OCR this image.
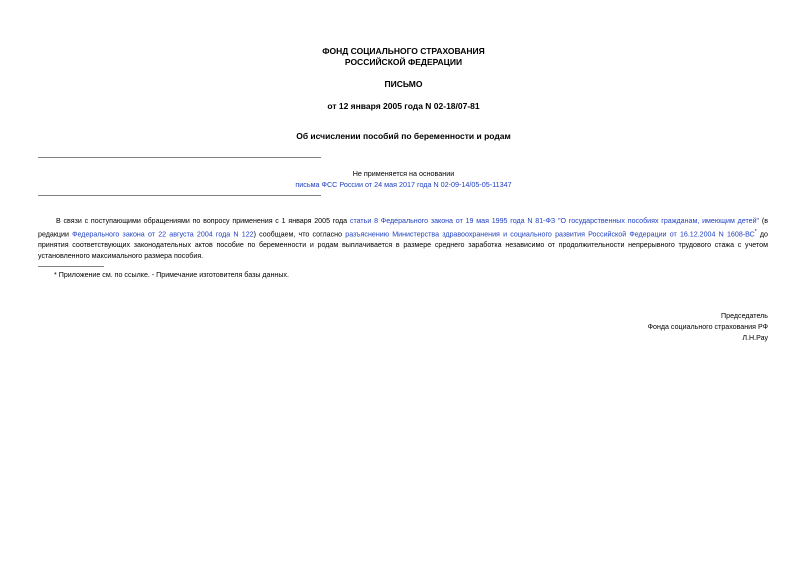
ФОНД СОЦИАЛЬНОГО СТРАХОВАНИЯ
РОССИЙСКОЙ ФЕДЕРАЦИИ
ПИСЬМО
от 12 января 2005 года N 02-18/07-81
Об исчислении пособий по беременности и родам
Не применяется на основании
письма ФСС России от 24 мая 2017 года N 02-09-14/05-05-11347
В связи с поступающими обращениями по вопросу применения с 1 января 2005 года статьи 8 Федерального закона от 19 мая 1995 года N 81-ФЗ "О государственных пособиях гражданам, имеющим детей" (в редакции Федерального закона от 22 августа 2004 года N 122) сообщаем, что согласно разъяснению Министерства здравоохранения и социального развития Российской Федерации от 16.12.2004 N 1608-ВС* до принятия соответствующих законодательных актов пособие по беременности и родам выплачивается в размере среднего заработка независимо от продолжительности непрерывного трудового стажа с учетом установленного максимального размера пособия.
* Приложение см. по ссылке. - Примечание изготовителя базы данных.
Председатель
Фонда социального страхования РФ
Л.Н.Рау
